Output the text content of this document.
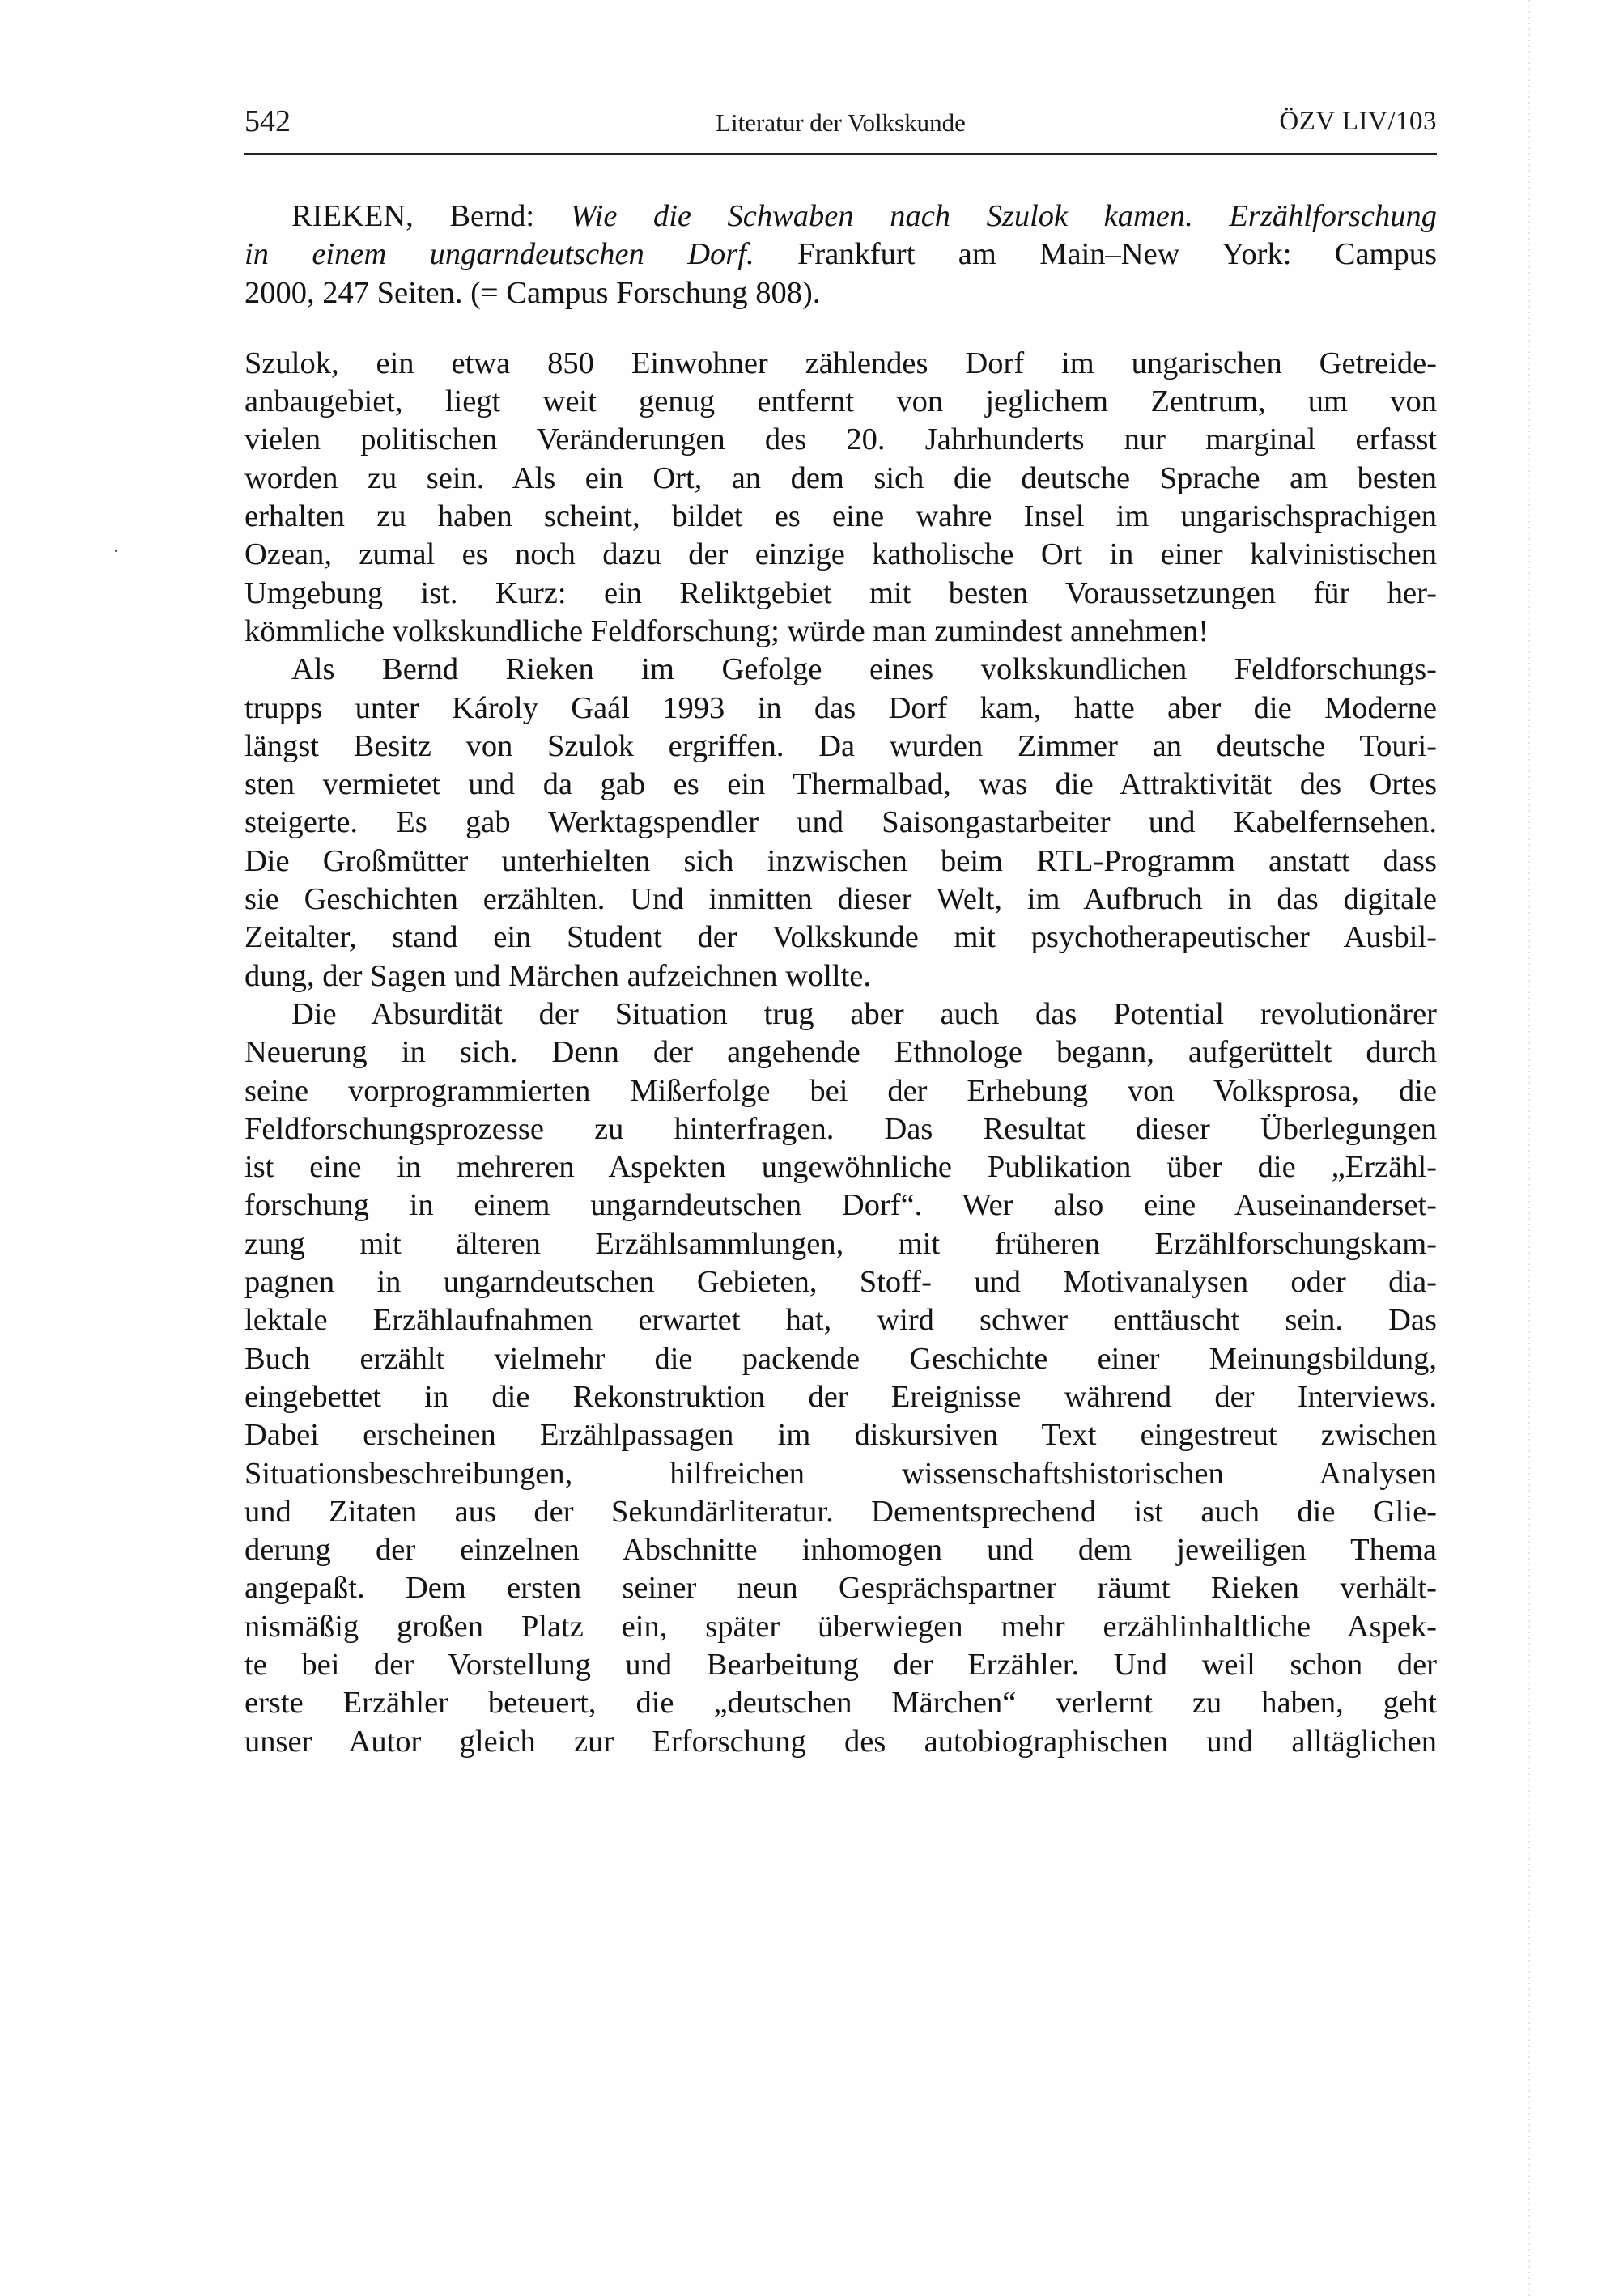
542	Literatur der Volkskunde	ÖZV LIV/103
RIEKEN, Bernd: Wie die Schwaben nach Szulok kamen. Erzählforschung
in einem ungarndeutschen Dorf. Frankfurt am Main–New York: Campus
2000, 247 Seiten. (= Campus Forschung 808).
Szulok, ein etwa 850 Einwohner zählendes Dorf im ungarischen Getreide-
anbaugebiet, liegt weit genug entfernt von jeglichem Zentrum, um von
vielen politischen Veränderungen des 20. Jahrhunderts nur marginal erfasst
worden zu sein. Als ein Ort, an dem sich die deutsche Sprache am besten
erhalten zu haben scheint, bildet es eine wahre Insel im ungarischsprachigen
Ozean, zumal es noch dazu der einzige katholische Ort in einer kalvinistischen
Umgebung ist. Kurz: ein Reliktgebiet mit besten Voraussetzungen für her-
kömmliche volkskundliche Feldforschung; würde man zumindest annehmen!
Als Bernd Rieken im Gefolge eines volkskundlichen Feldforschungs-
trupps unter Károly Gaál 1993 in das Dorf kam, hatte aber die Moderne
längst Besitz von Szulok ergriffen. Da wurden Zimmer an deutsche Touri-
sten vermietet und da gab es ein Thermalbad, was die Attraktivität des Ortes
steigerte. Es gab Werktagspendler und Saisongastarbeiter und Kabelfernsehen.
Die Großmütter unterhielten sich inzwischen beim RTL-Programm anstatt dass
sie Geschichten erzählten. Und inmitten dieser Welt, im Aufbruch in das digitale
Zeitalter, stand ein Student der Volkskunde mit psychotherapeutischer Ausbil-
dung, der Sagen und Märchen aufzeichnen wollte.
Die Absurdität der Situation trug aber auch das Potential revolutionärer
Neuerung in sich. Denn der angehende Ethnologe begann, aufgerüttelt durch
seine vorprogrammierten Mißerfolge bei der Erhebung von Volksprosa, die
Feldforschungsprozesse zu hinterfragen. Das Resultat dieser Überlegungen
ist eine in mehreren Aspekten ungewöhnliche Publikation über die „Erzähl-
forschung in einem ungarndeutschen Dorf“. Wer also eine Auseinanderset-
zung mit älteren Erzählsammlungen, mit früheren Erzählforschungskam-
pagnen in ungarndeutschen Gebieten, Stoff- und Motivanalysen oder dia-
lektale Erzählaufnahmen erwartet hat, wird schwer enttäuscht sein. Das
Buch erzählt vielmehr die packende Geschichte einer Meinungsbildung,
eingebettet in die Rekonstruktion der Ereignisse während der Interviews.
Dabei erscheinen Erzählpassagen im diskursiven Text eingestreut zwischen
Situationsbeschreibungen, hilfreichen wissenschaftshistorischen Analysen
und Zitaten aus der Sekundärliteratur. Dementsprechend ist auch die Glie-
derung der einzelnen Abschnitte inhomogen und dem jeweiligen Thema
angepaßt. Dem ersten seiner neun Gesprächspartner räumt Rieken verhält-
nismäßig großen Platz ein, später überwiegen mehr erzählinhaltliche Aspek-
te bei der Vorstellung und Bearbeitung der Erzähler. Und weil schon der
erste Erzähler beteuert, die „deutschen Märchen“ verlernt zu haben, geht
unser Autor gleich zur Erforschung des autobiographischen und alltäglichen
